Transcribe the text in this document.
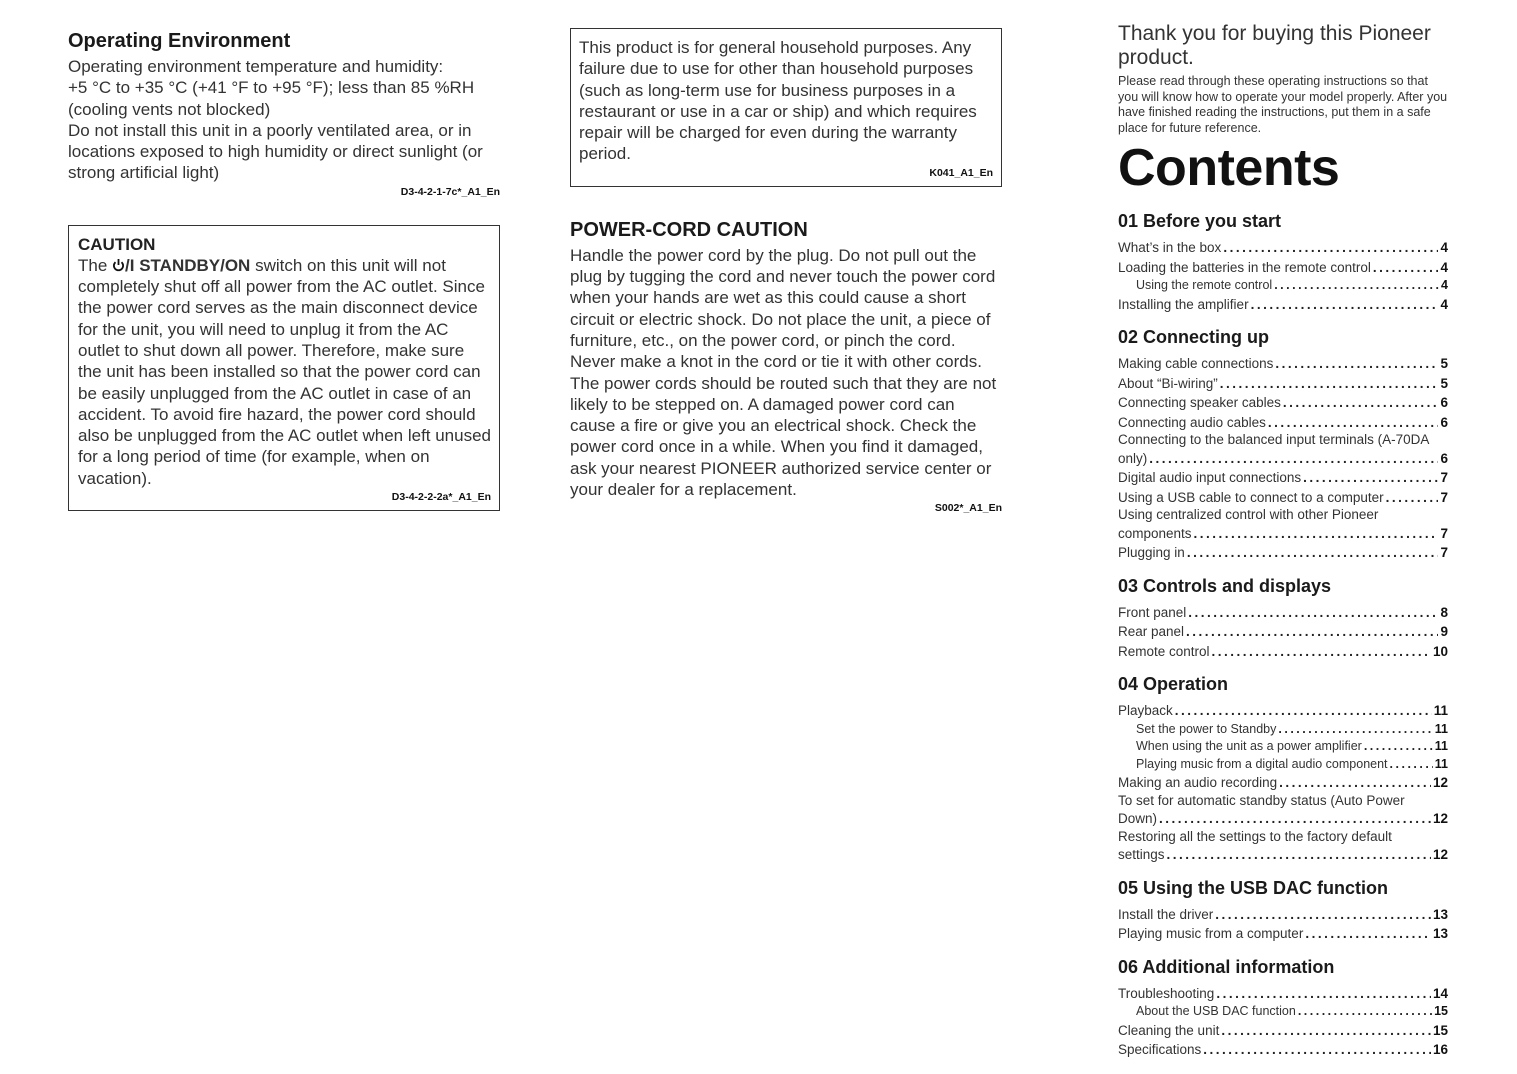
Operating Environment

Operating environment temperature and humidity:
+5 °C to +35 °C (+41 °F to +95 °F); less than 85 %RH
(cooling vents not blocked)
Do not install this unit in a poorly ventilated area, or in locations exposed to high humidity or direct sunlight (or strong artificial light)

D3-4-2-1-7c*_A1_En
CAUTION

The /I STANDBY/ON switch on this unit will not completely shut off all power from the AC outlet. Since the power cord serves as the main disconnect device for the unit, you will need to unplug it from the AC outlet to shut down all power. Therefore, make sure the unit has been installed so that the power cord can be easily unplugged from the AC outlet in case of an accident. To avoid fire hazard, the power cord should also be unplugged from the AC outlet when left unused for a long period of time (for example, when on vacation).

D3-4-2-2-2a*_A1_En

This product is for general household purposes. Any failure due to use for other than household purposes (such as long-term use for business purposes in a restaurant or use in a car or ship) and which requires repair will be charged for even during the warranty period.

K041_A1_En
POWER-CORD CAUTION

Handle the power cord by the plug. Do not pull out the plug by tugging the cord and never touch the power cord when your hands are wet as this could cause a short circuit or electric shock. Do not place the unit, a piece of furniture, etc., on the power cord, or pinch the cord. Never make a knot in the cord or tie it with other cords. The power cords should be routed such that they are not likely to be stepped on. A damaged power cord can cause a fire or give you an electrical shock. Check the power cord once in a while. When you find it damaged, ask your nearest PIONEER authorized service center or your dealer for a replacement.

S002*_A1_En

Thank you for buying this Pioneer product.

Please read through these operating instructions so that you will know how to operate your model properly. After you have finished reading the instructions, put them in a safe place for future reference.

Contents
01 Before you start
What’s in the box .....	4
Loading the batteries in the remote control .....	4
Using the remote control .....	4
Installing the amplifier .....	4
02 Connecting up
Making cable connections .....	5
About “Bi-wiring” .....	5
Connecting speaker cables .....	6
Connecting audio cables .....	6
Connecting to the balanced input terminals (A-70DA
only) .....	6
Digital audio input connections .....	7
Using a USB cable to connect to a computer .....	7
Using centralized control with other Pioneer
components .....	7
Plugging in .....	7
03 Controls and displays
Front panel .....	8
Rear panel .....	9
Remote control .....	10
04 Operation
Playback .....	11
Set the power to Standby .....	11
When using the unit as a power amplifier .....	11
Playing music from a digital audio component .....	11
Making an audio recording .....	12
To set for automatic standby status (Auto Power
Down) .....	12
Restoring all the settings to the factory default
settings .....	12
05 Using the USB DAC function
Install the driver .....	13
Playing music from a computer .....	13
06 Additional information
Troubleshooting .....	14
About the USB DAC function .....	15
Cleaning the unit .....	15
Specifications .....	16
